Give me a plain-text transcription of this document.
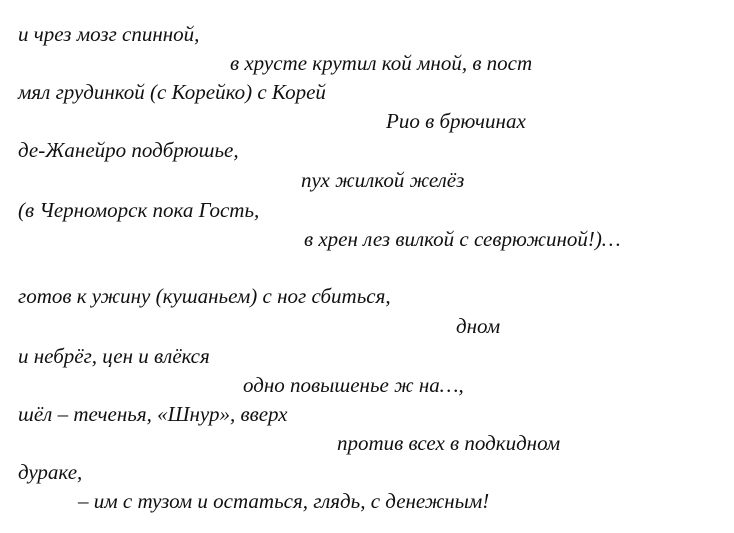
и чрез мозг спинной,
в хрусте крутил кой мной, в пост
мял грудинкой (с Корейко) с Корей
Рио в брючинах
де-Жанейро подбрюшье,
пух жилкой желёз
(в Черноморск пока Гость,
в хрен лез вилкой с севрюжиной!)…
готов к ужину (кушаньем) с ног сбиться,
дном
и небрёг, цен и влёкся
одно повышенье ж на…,
шёл – теченья, «Шнур», вверх
против всех в подкидном
дураке,
– им с тузом и остаться, глядь, с денежным!
